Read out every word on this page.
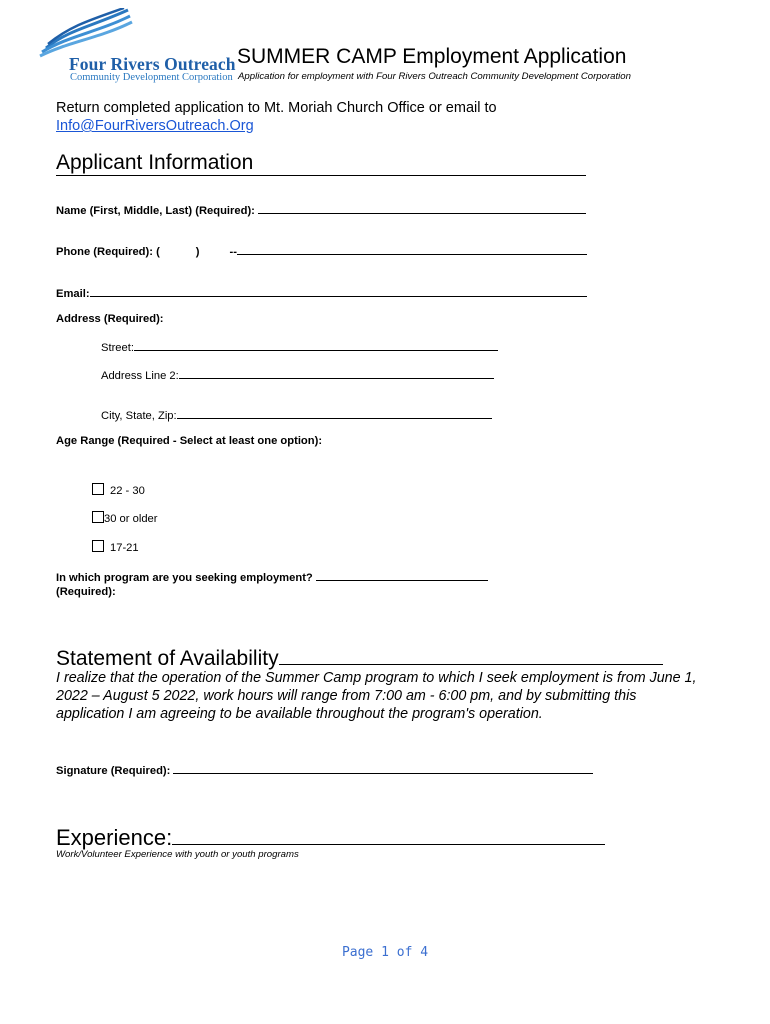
Four Rivers Outreach
Community Development Corporation
SUMMER CAMP Employment Application
Application for employment with Four Rivers Outreach Community Development Corporation
Return completed application to Mt. Moriah Church Office or email to
Info@FourRiversOutreach.Org
Applicant Information
Name (First, Middle, Last) (Required):
Phone (Required): (	)	--
Email:
Address (Required):
Street:
Address Line 2:
City, State, Zip:
Age Range (Required - Select at least one option):
22 - 30
30 or older
17-21
In which program are you seeking employment?
(Required):
Statement of Availability
I realize that the operation of the Summer Camp program to which I seek employment is from June 1, 2022 – August 5 2022, work hours will range from 7:00 am - 6:00 pm, and by submitting this application I am agreeing to be available throughout the program's operation.
Signature (Required):
Experience:
Work/Volunteer Experience with youth or youth programs
Page 1 of 4
